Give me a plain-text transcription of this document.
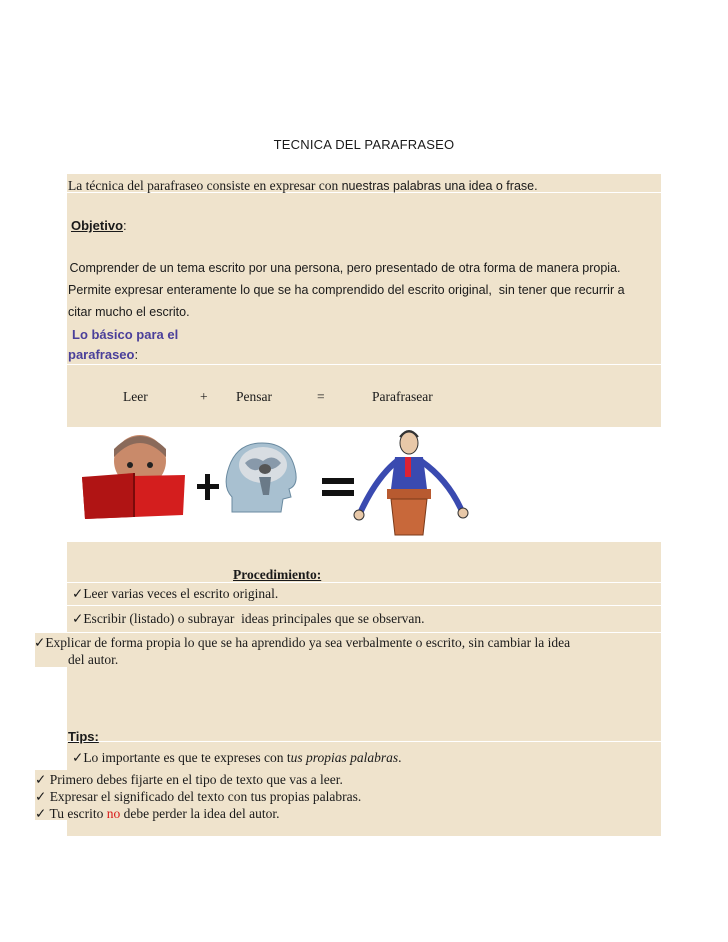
TECNICA DEL PARAFRASEO
La técnica del parafraseo consiste en expresar con nuestras palabras una idea o frase.
Objetivo:
Comprender de un tema escrito por una persona, pero presentado de otra forma de manera propia.
Permite expresar enteramente lo que se ha comprendido del escrito original,  sin tener que recurrir a
citar mucho el escrito.
Lo básico para el
parafraseo:
Leer	+ Pensar	=	Parafrasear
Procedimiento:
✓ Leer varias veces el escrito original.
✓ Escribir (listado) o subrayar  ideas principales que se observan.
✓ Explicar de forma propia lo que se ha aprendido ya sea verbalmente o escrito, sin cambiar la idea
del autor.
Tips:
✓ Lo importante es que te expreses con tus propias palabras.
✓  Primero debes fijarte en el tipo de texto que vas a leer.
✓  Expresar el significado del texto con tus propias palabras.
✓  Tu escrito no debe perder la idea del autor.
